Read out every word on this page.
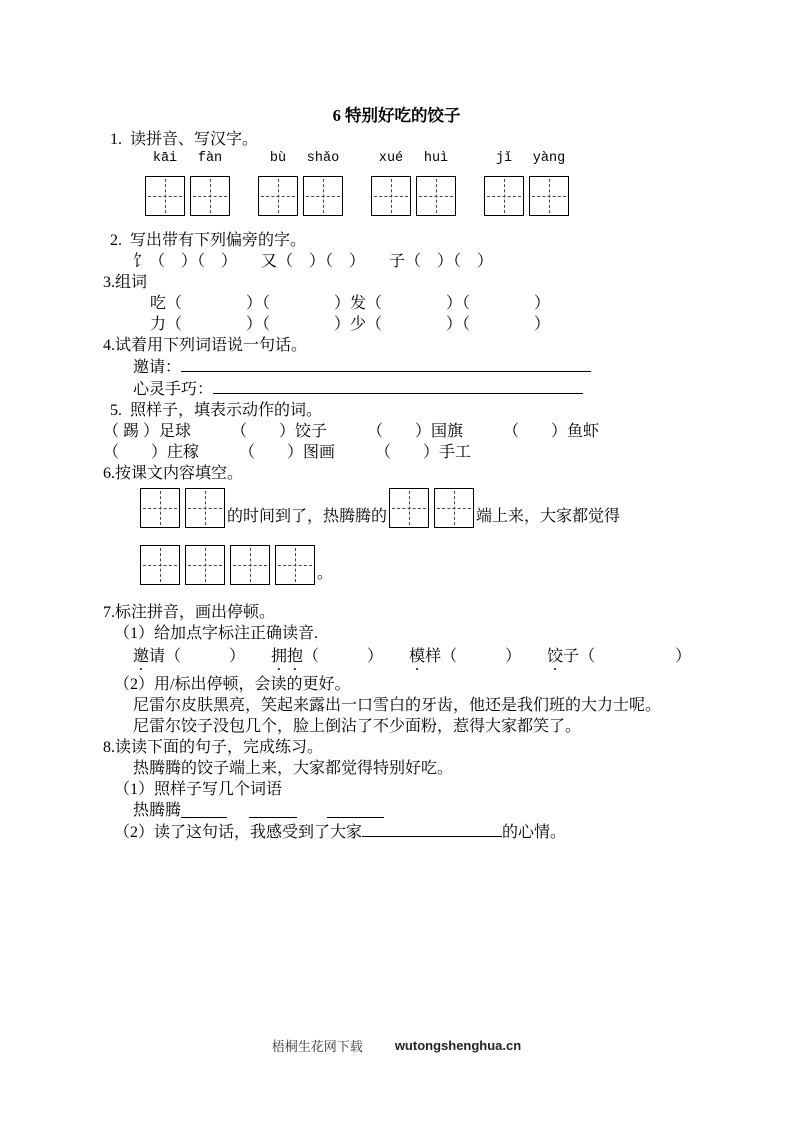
6 特别好吃的饺子
1.  读拼音、写汉字。
kāi	fàn	bù	shǎo	xué	huì	jǐ	yàng
2.  写出带有下列偏旁的字。
饣（　）（　）　　又（　）（　）　　子（　）（　）
3.组词
吃（　　　　）（　　　　）发（　　　　）（　　　　）
力（　　　　）（　　　　）少（　　　　）（　　　　）
4.试着用下列词语说一句话。
邀请：
心灵手巧：
5.  照样子，填表示动作的词。
（ 踢 ）足球　　　（　　）饺子　　　（　　）国旗　　　（　　）鱼虾
（　　）庄稼　　　（　　）图画　　　（　　）手工
6.按课文内容填空。
的时间到了，热腾腾的	端上来，大家都觉得
。
7.标注拼音，画出停顿。
（1）给加点字标注正确读音.
邀请（　　　） 拥抱（　　　） 模样（　　　） 饺子（　　　　　）
（2）用/标出停顿，会读的更好。
尼雷尔皮肤黑亮，笑起来露出一口雪白的牙齿，他还是我们班的大力士呢。
尼雷尔饺子没包几个，脸上倒沾了不少面粉，惹得大家都笑了。
8.读读下面的句子，完成练习。
热腾腾的饺子端上来，大家都觉得特别好吃。
（1）照样子写几个词语
热腾腾
（2）读了这句话，我感受到了大家	的心情。
梧桐生花网下载 wutongshenghua.cn
